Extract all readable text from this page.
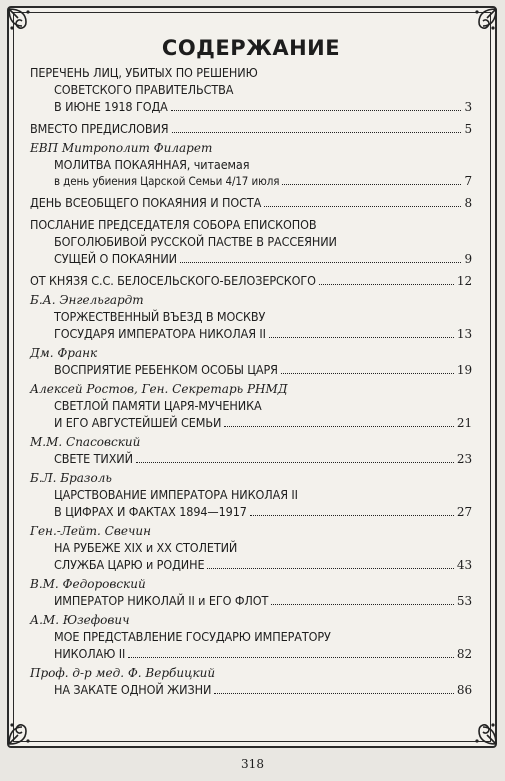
СОДЕРЖАНИЕ
ПЕРЕЧЕНЬ ЛИЦ, УБИТЫХ ПО РЕШЕНИЮ
СОВЕТСКОГО ПРАВИТЕЛЬСТВА
В ИЮНЕ 1918 ГОДА	3
ВМЕСТО ПРЕДИСЛОВИЯ	5
ЕВП Митрополит Филарет
МОЛИТВА ПОКАЯННАЯ, читаемая
в день убиения Царской Семьи 4/17 июля	7
ДЕНЬ ВСЕОБЩЕГО ПОКАЯНИЯ И ПОСТА	8
ПОСЛАНИЕ ПРЕДСЕДАТЕЛЯ СОБОРА ЕПИСКОПОВ
БОГОЛЮБИВОЙ РУССКОЙ ПАСТВЕ В РАССЕЯНИИ
СУЩЕЙ О ПОКАЯНИИ	9
ОТ КНЯЗЯ С.С. БЕЛОСЕЛЬСКОГО-БЕЛОЗЕРСКОГО	12
Б.А. Энгельгардт
ТОРЖЕСТВЕННЫЙ ВЪЕЗД В МОСКВУ
ГОСУДАРЯ ИМПЕРАТОРА НИКОЛАЯ II	13
Дм. Франк
ВОСПРИЯТИЕ РЕБЕНКОМ ОСОБЫ ЦАРЯ	19
Алексей Ростов, Ген. Секретарь РНМД
СВЕТЛОЙ ПАМЯТИ ЦАРЯ-МУЧЕНИКА
И ЕГО АВГУСТЕЙШЕЙ СЕМЬИ	21
М.М. Спасовский
СВЕТЕ ТИХИЙ	23
Б.Л. Бразоль
ЦАРСТВОВАНИЕ ИМПЕРАТОРА НИКОЛАЯ II
В ЦИФРАХ И ФАКТАХ 1894—1917	27
Ген.-Лейт. Свечин
НА РУБЕЖЕ XIX и XX СТОЛЕТИЙ
СЛУЖБА ЦАРЮ и РОДИНЕ	43
В.М. Федоровский
ИМПЕРАТОР НИКОЛАЙ II и ЕГО ФЛОТ	53
А.М. Юзефович
МОЕ ПРЕДСТАВЛЕНИЕ ГОСУДАРЮ ИМПЕРАТОРУ
НИКОЛАЮ II	82
Проф. д-р мед. Ф. Вербицкий
НА ЗАКАТЕ ОДНОЙ ЖИЗНИ	86
318
